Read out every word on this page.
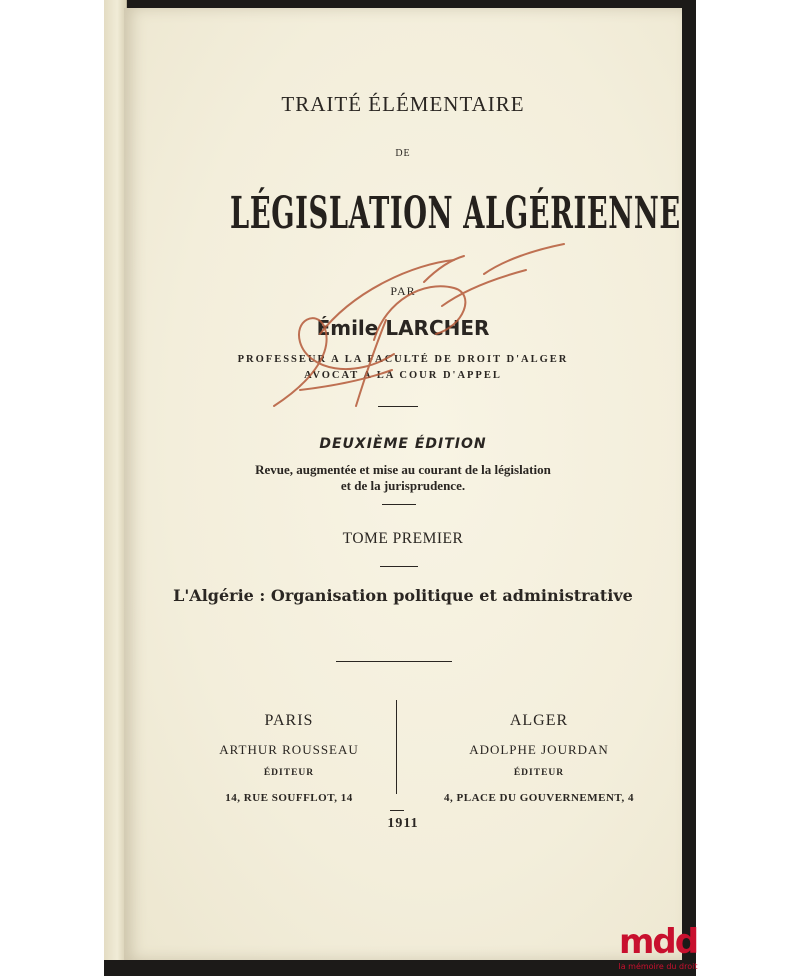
TRAITÉ ÉLÉMENTAIRE
DE
LÉGISLATION ALGÉRIENNE
PAR
Émile LARCHER
PROFESSEUR A LA FACULTÉ DE DROIT D'ALGER
AVOCAT A LA COUR D'APPEL
DEUXIÈME ÉDITION
Revue, augmentée et mise au courant de la législation
et de la jurisprudence.
TOME PREMIER
L'Algérie : Organisation politique et administrative
PARIS
ARTHUR ROUSSEAU
ÉDITEUR
14, RUE SOUFFLOT, 14
ALGER
ADOLPHE JOURDAN
ÉDITEUR
4, PLACE DU GOUVERNEMENT, 4
1911
mdd
la mémoire du droit
